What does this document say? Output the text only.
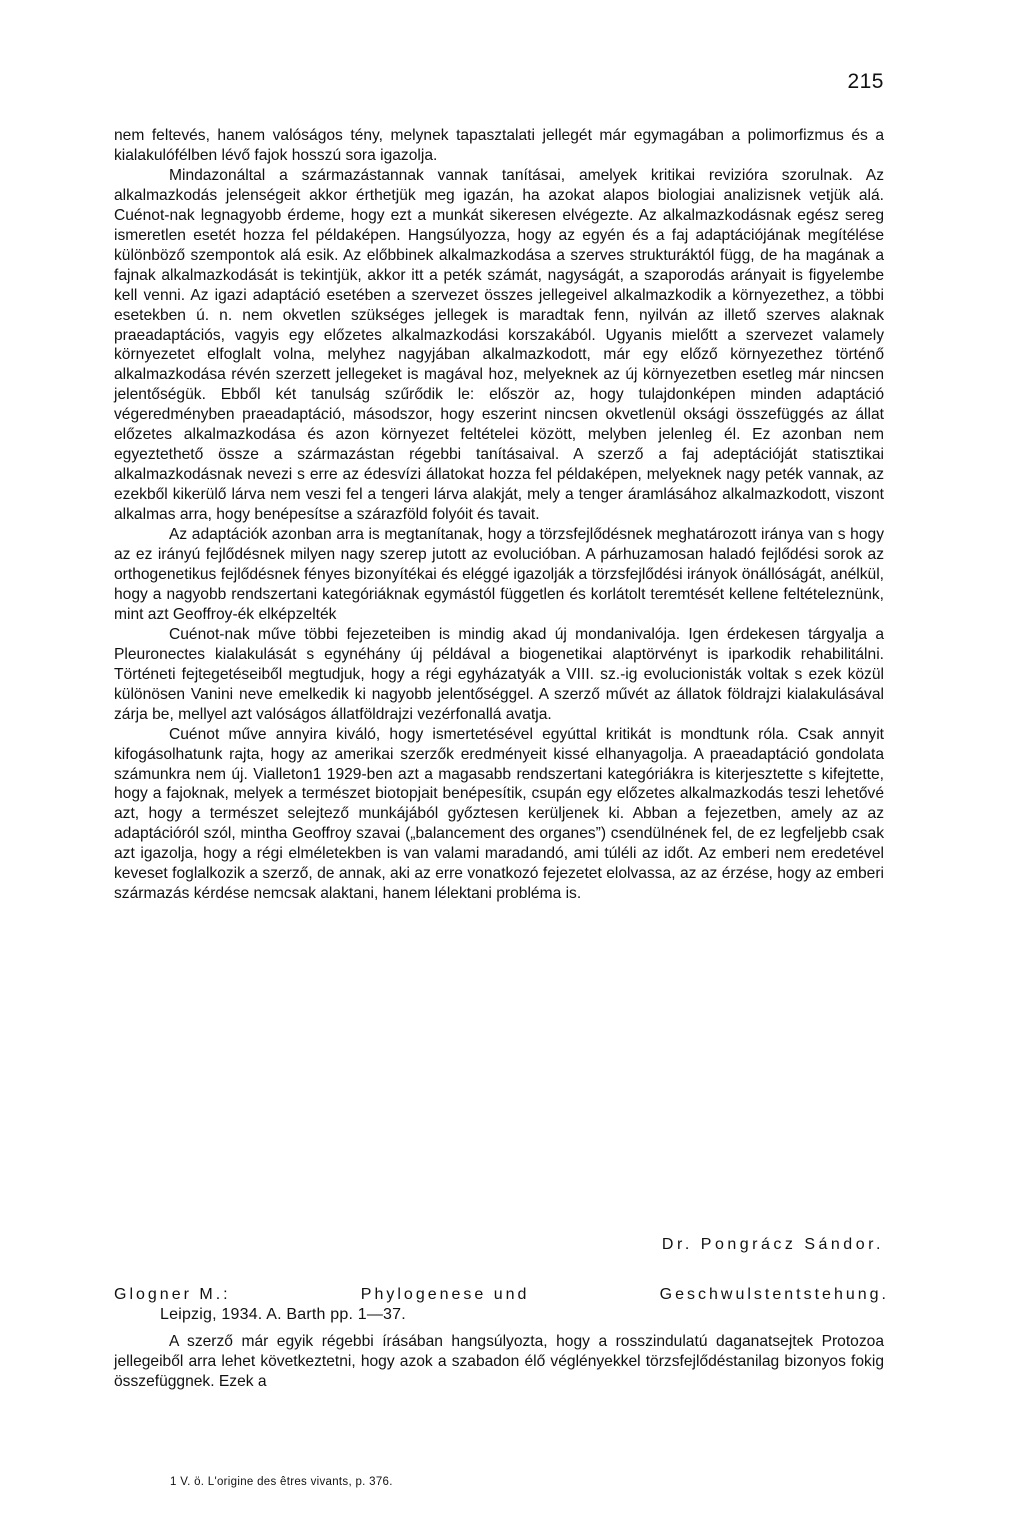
215

nem feltevés, hanem valóságos tény, melynek tapasztalati jellegét már egymagában a polimorfizmus és a kialakulófélben lévő fajok hosszú sora igazolja.

Mindazonáltal a származástannak vannak tanításai, amelyek kritikai revizióra szorulnak. Az alkalmazkodás jelenségeit akkor érthetjük meg igazán, ha azokat alapos biologiai analizisnek vetjük alá. Cuénot-nak legnagyobb érdeme, hogy ezt a munkát sikeresen elvégezte. Az alkalmazkodásnak egész sereg ismeretlen esetét hozza fel példaképen. Hangsúlyozza, hogy az egyén és a faj adaptációjának megítélése különböző szempontok alá esik. Az előbbinek alkalmazkodása a szerves strukturáktól függ, de ha magának a fajnak alkalmazkodását is tekintjük, akkor itt a peték számát, nagyságát, a szaporodás arányait is figyelembe kell venni. Az igazi adaptáció esetében a szervezet összes jellegeivel alkalmazkodik a környezethez, a többi esetekben ú. n. nem okvetlen szükséges jellegek is maradtak fenn, nyilván az illető szerves alaknak praeadaptációs, vagyis egy előzetes alkalmazkodási korszakából. Ugyanis mielőtt a szervezet valamely környezetet elfoglalt volna, melyhez nagyjában alkalmazkodott, már egy előző környezethez történő alkalmazkodása révén szerzett jellegeket is magával hoz, melyeknek az új környezetben esetleg már nincsen jelentőségük. Ebből két tanulság szűrődik le: először az, hogy tulajdonképen minden adaptáció végeredményben praeadaptáció, másodszor, hogy eszerint nincsen okvetlenül oksági összefüggés az állat előzetes alkalmazkodása és azon környezet feltételei között, melyben jelenleg él. Ez azonban nem egyeztethető össze a származástan régebbi tanításaival. A szerző a faj adeptációját statisztikai alkalmazkodásnak nevezi s erre az édesvízi állatokat hozza fel példaképen, melyeknek nagy peték vannak, az ezekből kikerülő lárva nem veszi fel a tengeri lárva alakját, mely a tenger áramlásához alkalmazkodott, viszont alkalmas arra, hogy benépesítse a szárazföld folyóit és tavait.

Az adaptációk azonban arra is megtanítanak, hogy a törzsfejlődésnek meghatározott iránya van s hogy az ez irányú fejlődésnek milyen nagy szerep jutott az evolucióban. A párhuzamosan haladó fejlődési sorok az orthogenetikus fejlődésnek fényes bizonyítékai és eléggé igazolják a törzsfejlődési irányok önállóságát, anélkül, hogy a nagyobb rendszertani kategóriáknak egymástól független és korlátolt teremtését kellene feltételeznünk, mint azt Geoffroy-ék elképzelték

Cuénot-nak műve többi fejezeteiben is mindig akad új mondanivalója. Igen érdekesen tárgyalja a Pleuronectes kialakulását s egynéhány új példával a biogenetikai alaptörvényt is iparkodik rehabilitálni. Történeti fejtegetéseiből megtudjuk, hogy a régi egyházatyák a VIII. sz.-ig evolucionisták voltak s ezek közül különösen Vanini neve emelkedik ki nagyobb jelentőséggel. A szerző művét az állatok földrajzi kialakulásával zárja be, mellyel azt valóságos állatföldrajzi vezérfonallá avatja.

Cuénot műve annyira kiváló, hogy ismertetésével egyúttal kritikát is mondtunk róla. Csak annyit kifogásolhatunk rajta, hogy az amerikai szerzők eredményeit kissé elhanyagolja. A praeadaptáció gondolata számunkra nem új. Vialleton1 1929-ben azt a magasabb rendszertani kategóriákra is kiterjesztette s kifejtette, hogy a fajoknak, melyek a természet biotopjait benépesítik, csupán egy előzetes alkalmazkodás teszi lehetővé azt, hogy a természet selejtező munkájából győztesen kerüljenek ki. Abban a fejezetben, amely az az adaptációról szól, mintha Geoffroy szavai („balancement des organes”) csendülnének fel, de ez legfeljebb csak azt igazolja, hogy a régi elméletekben is van valami maradandó, ami túléli az időt. Az emberi nem eredetével keveset foglalkozik a szerző, de annak, aki az erre vonatkozó fejezetet elolvassa, az az érzése, hogy az emberi származás kérdése nemcsak alaktani, hanem lélektani probléma is.

Dr. Pongrácz Sándor.
Glogner M.:	Phylogenese und	Geschwulstentstehung.
Leipzig, 1934. A. Barth pp. 1—37.

A szerző már egyik régebbi írásában hangsúlyozta, hogy a rosszindulatú daganatsejtek Protozoa jellegeiből arra lehet következtetni, hogy azok a szabadon élő véglényekkel törzsfejlődéstanilag bizonyos fokig összefüggnek. Ezek a

1 V. ö. L'origine des êtres vivants, p. 376.
